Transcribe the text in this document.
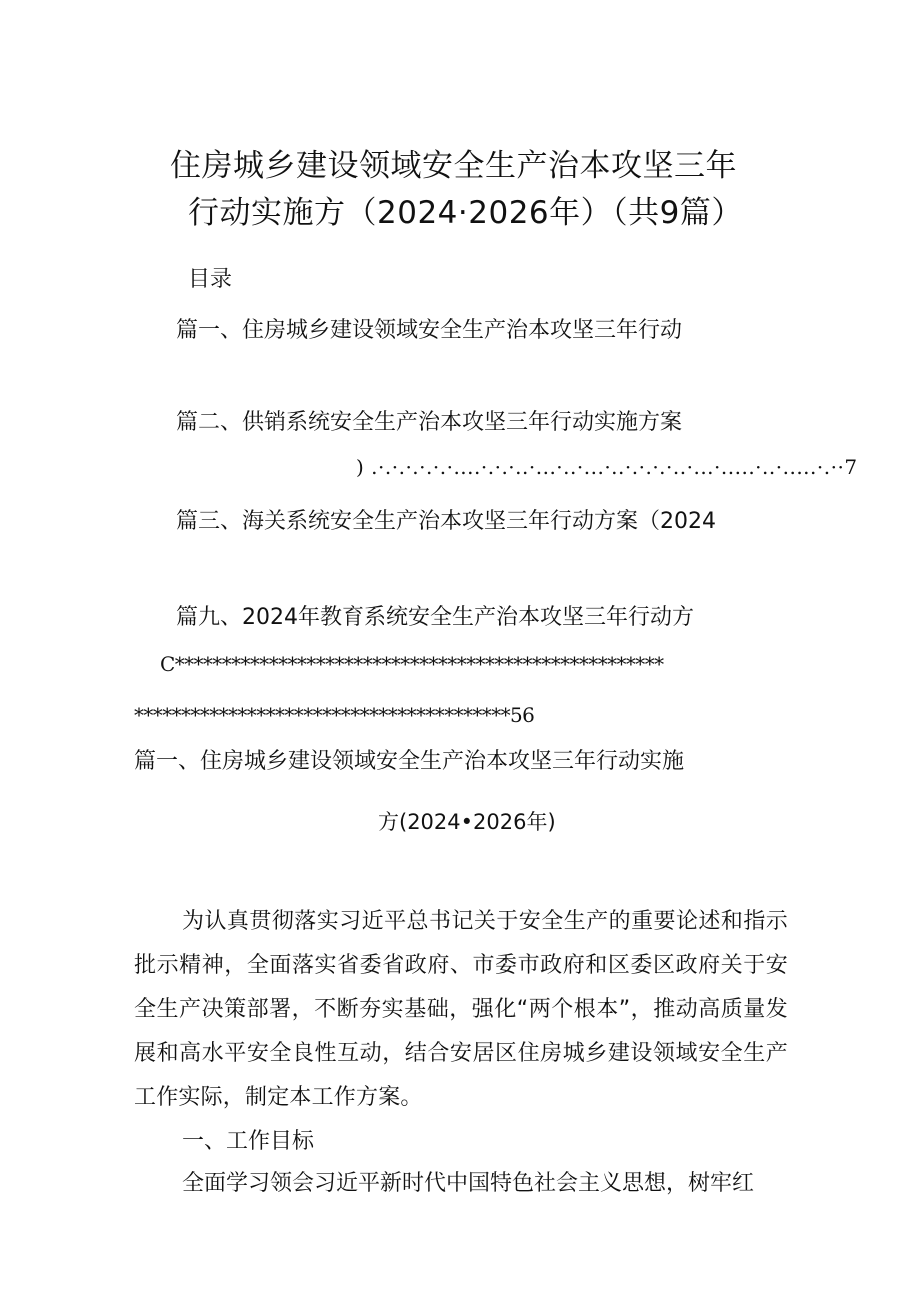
住房城乡建设领域安全生产治本攻坚三年
行动实施方（2024·2026年）（共9篇）
目录
篇一、住房城乡建设领域安全生产治本攻坚三年行动
篇二、供销系统安全生产治本攻坚三年行动实施方案
) .·.·.·.·.·.·....·.·.·..·...·..·...·..·.·.·.·..·...·.....·..·.....·.··7
篇三、海关系统安全生产治本攻坚三年行动方案（2024
篇九、2024年教育系统安全生产治本攻坚三年行动方
C****************************************************
****************************************56
篇一、住房城乡建设领域安全生产治本攻坚三年行动实施
方(2024•2026年)

为认真贯彻落实习近平总书记关于安全生产的重要论述和指示批示精神，全面落实省委省政府、市委市政府和区委区政府关于安全生产决策部署，不断夯实基础，强化“两个根本”，推动高质量发展和高水平安全良性互动，结合安居区住房城乡建设领域安全生产工作实际，制定本工作方案。

一、工作目标
全面学习领会习近平新时代中国特色社会主义思想，树牢红
